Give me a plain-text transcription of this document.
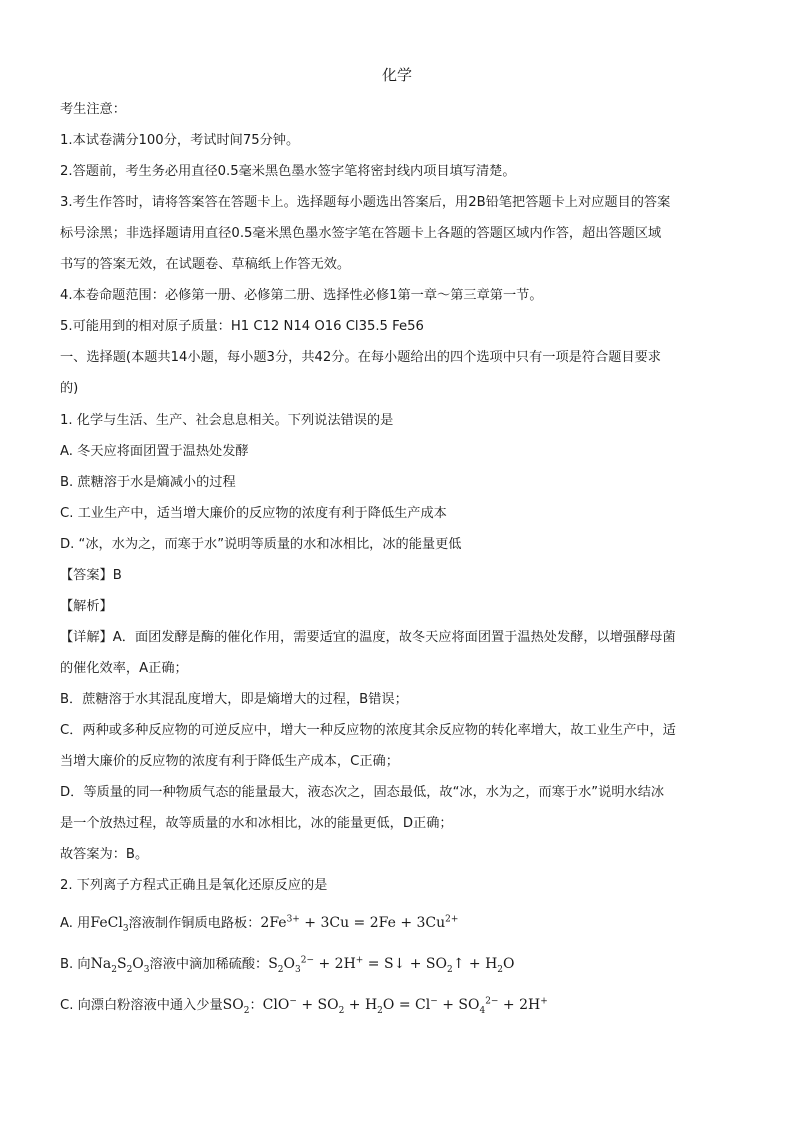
化学
考生注意：
1.本试卷满分100分，考试时间75分钟。
2.答题前，考生务必用直径0.5毫米黑色墨水签字笔将密封线内项目填写清楚。
3.考生作答时，请将答案答在答题卡上。选择题每小题选出答案后，用2B铅笔把答题卡上对应题目的答案
标号涂黑；非选择题请用直径0.5毫米黑色墨水签字笔在答题卡上各题的答题区域内作答，超出答题区域
书写的答案无效，在试题卷、草稿纸上作答无效。
4.本卷命题范围：必修第一册、必修第二册、选择性必修1第一章～第三章第一节。
5.可能用到的相对原子质量：H1 C12 N14 O16 Cl35.5 Fe56
一、选择题(本题共14小题，每小题3分，共42分。在每小题给出的四个选项中只有一项是符合题目要求
的)
1. 化学与生活、生产、社会息息相关。下列说法错误的是
A. 冬天应将面团置于温热处发酵
B. 蔗糖溶于水是熵减小的过程
C. 工业生产中，适当增大廉价的反应物的浓度有利于降低生产成本
D. “冰，水为之，而寒于水”说明等质量的水和冰相比，冰的能量更低
【答案】B
【解析】
【详解】A．面团发酵是酶的催化作用，需要适宜的温度，故冬天应将面团置于温热处发酵，以增强酵母菌
的催化效率，A正确；
B．蔗糖溶于水其混乱度增大，即是熵增大的过程，B错误；
C．两种或多种反应物的可逆反应中，增大一种反应物的浓度其余反应物的转化率增大，故工业生产中，适
当增大廉价的反应物的浓度有利于降低生产成本，C正确；
D．等质量的同一种物质气态的能量最大，液态次之，固态最低，故“冰，水为之，而寒于水”说明水结冰
是一个放热过程，故等质量的水和冰相比，冰的能量更低，D正确；
故答案为：B。
2. 下列离子方程式正确且是氧化还原反应的是
A. 用FeCl$_3$溶液制作铜质电路板：$2Fe^{3+} + 3Cu = 2Fe + 3Cu^{2+}$
B. 向$Na_2S_2O_3$溶液中滴加稀硫酸：$S_2O_3^{2-} + 2H^+$ = S↓ + $SO_2↑ + H_2O$
C. 向漂白粉溶液中通入少量$SO_2$：$ClO^- + SO_2 + H_2O = Cl^- + SO_4^{2-} + 2H^+$
